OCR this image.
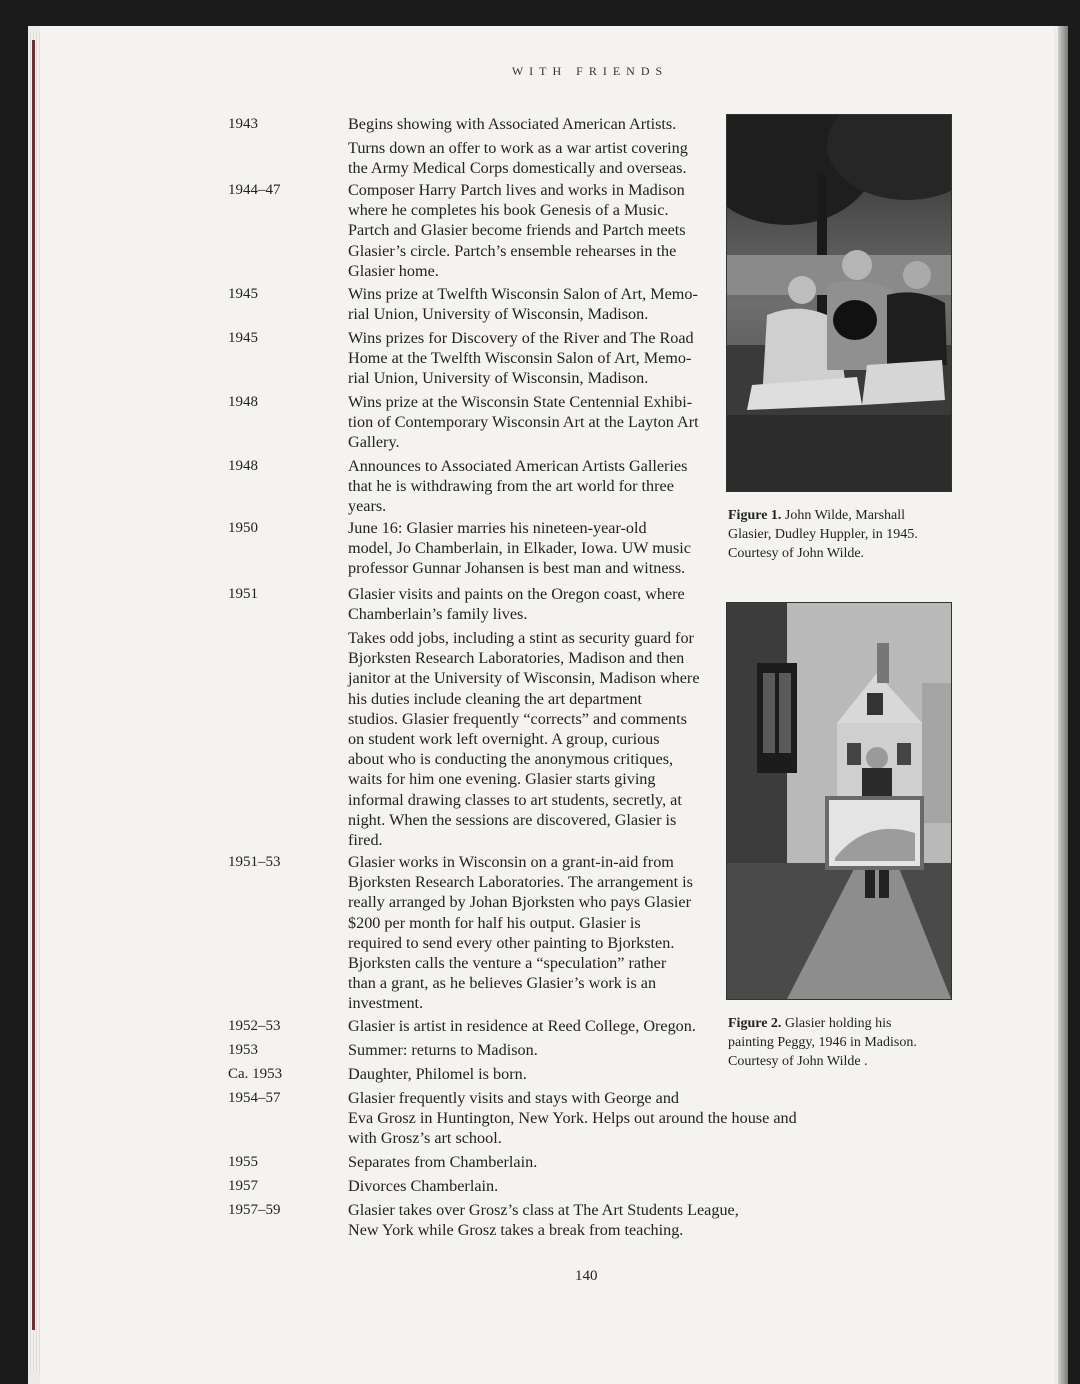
WITH FRIENDS
1943	Begins showing with Associated American Artists.

Turns down an offer to work as a war artist covering

the Army Medical Corps domestically and overseas.

1944–47	Composer Harry Partch lives and works in Madison

where he completes his book Genesis of a Music.

Partch and Glasier become friends and Partch meets

Glasier’s circle. Partch’s ensemble rehearses in the

Glasier home.

1945	Wins prize at Twelfth Wisconsin Salon of Art, Memo-

rial Union, University of Wisconsin, Madison.

1945	Wins prizes for Discovery of the River and The Road

Home at the Twelfth Wisconsin Salon of Art, Memo-

rial Union, University of Wisconsin, Madison.

1948	Wins prize at the Wisconsin State Centennial Exhibi-

tion of Contemporary Wisconsin Art at the Layton Art

Gallery.

1948	Announces to Associated American Artists Galleries

that he is withdrawing from the art world for three

years.

1950	June 16: Glasier marries his nineteen-year-old

model, Jo Chamberlain, in Elkader, Iowa. UW music

professor Gunnar Johansen is best man and witness.

1951	Glasier visits and paints on the Oregon coast, where

Chamberlain’s family lives.

Takes odd jobs, including a stint as security guard for

Bjorksten Research Laboratories, Madison and then

janitor at the University of Wisconsin, Madison where

his duties include cleaning the art department

studios. Glasier frequently “corrects” and comments

on student work left overnight. A group, curious

about who is conducting the anonymous critiques,

waits for him one evening. Glasier starts giving

informal drawing classes to art students, secretly, at

night. When the sessions are discovered, Glasier is

fired.

1951–53	Glasier works in Wisconsin on a grant-in-aid from

Bjorksten Research Laboratories. The arrangement is

really arranged by Johan Bjorksten who pays Glasier

$200 per month for half his output. Glasier is

required to send every other painting to Bjorksten.

Bjorksten calls the venture a “speculation” rather

than a grant, as he believes Glasier’s work is an

investment.

1952–53	Glasier is artist in residence at Reed College, Oregon.

1953	Summer: returns to Madison.

Ca. 1953	Daughter, Philomel is born.

1954–57	Glasier frequently visits and stays with George and

Eva Grosz in Huntington, New York. Helps out around the house and

with Grosz’s art school.

1955	Separates from Chamberlain.

1957	Divorces Chamberlain.

1957–59	Glasier takes over Grosz’s class at The Art Students League,

New York while Grosz takes a break from teaching.

Figure 1. John Wilde, Marshall
Glasier, Dudley Huppler, in 1945.
Courtesy of John Wilde.
Figure 2. Glasier holding his
painting Peggy, 1946 in Madison.
Courtesy of John Wilde .
140
